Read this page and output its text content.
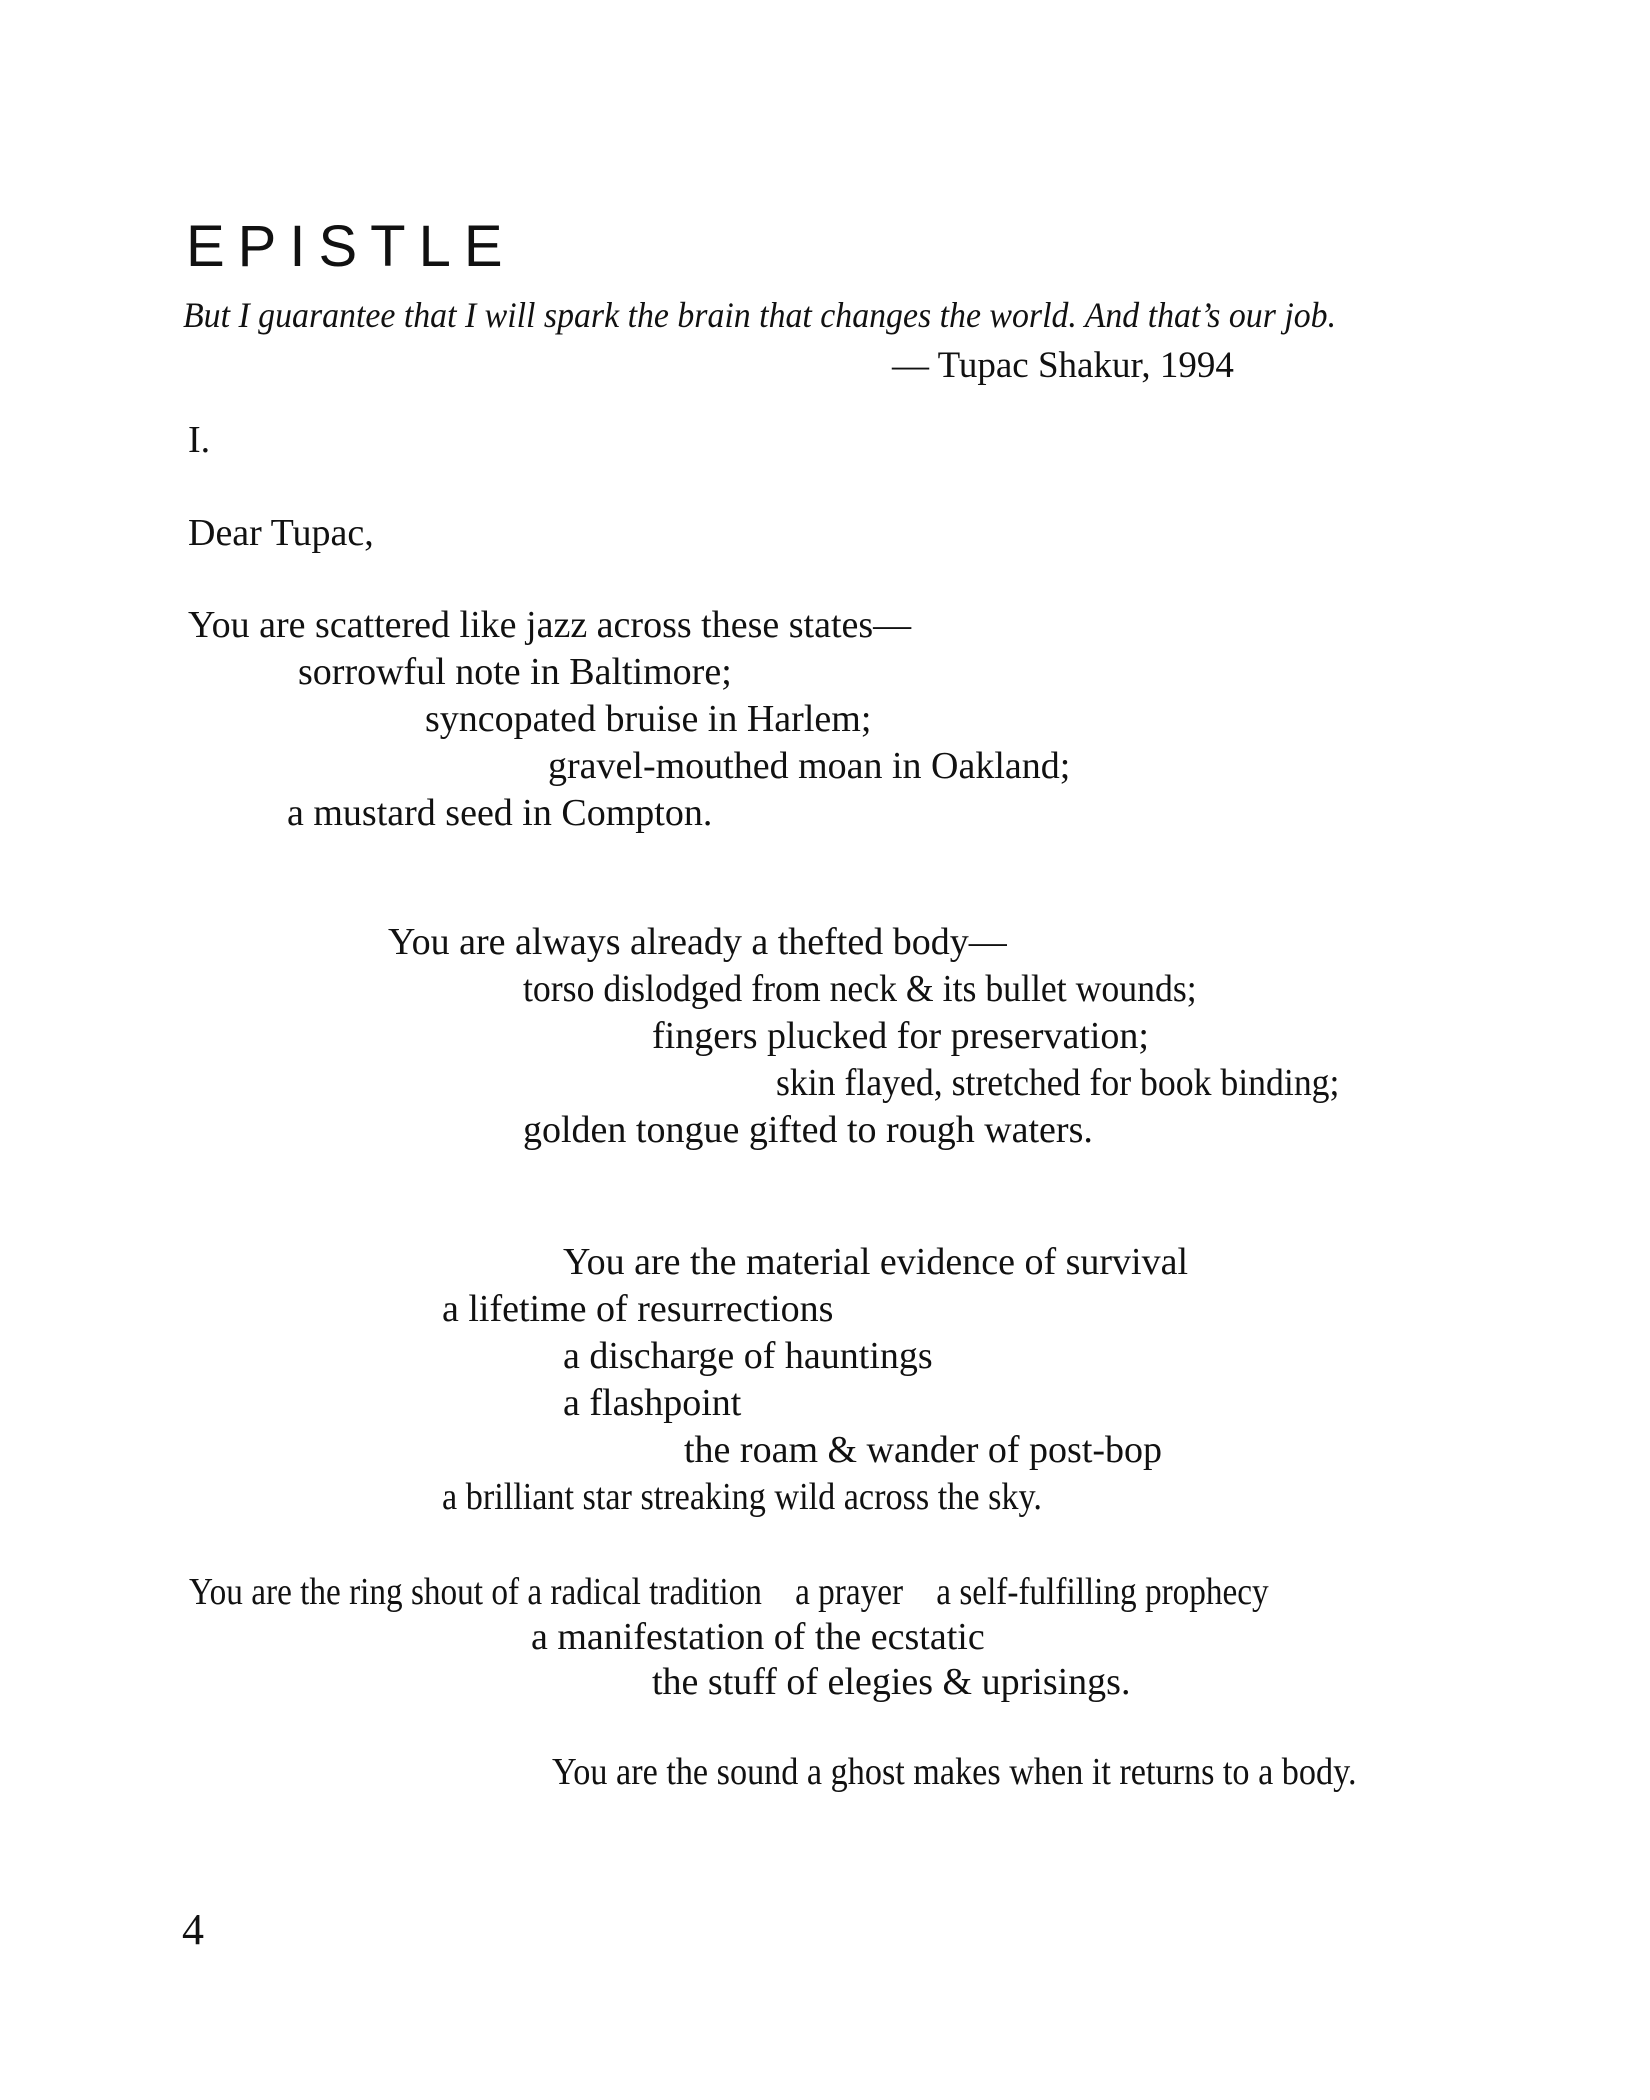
EPISTLE
But I guarantee that I will spark the brain that changes the world. And that’s our job.
— Tupac Shakur, 1994
I.
Dear Tupac,
You are scattered like jazz across these states—
sorrowful note in Baltimore;
syncopated bruise in Harlem;
gravel-mouthed moan in Oakland;
a mustard seed in Compton.
You are always already a thefted body—
torso dislodged from neck & its bullet wounds;
fingers plucked for preservation;
skin flayed, stretched for book binding;
golden tongue gifted to rough waters.
You are the material evidence of survival
a lifetime of resurrections
a discharge of hauntings
a flashpoint
the roam & wander of post-bop
a brilliant star streaking wild across the sky.
You are the ring shout of a radical tradition    a prayer    a self-fulfilling prophecy
a manifestation of the ecstatic
the stuff of elegies & uprisings.
You are the sound a ghost makes when it returns to a body.
4
